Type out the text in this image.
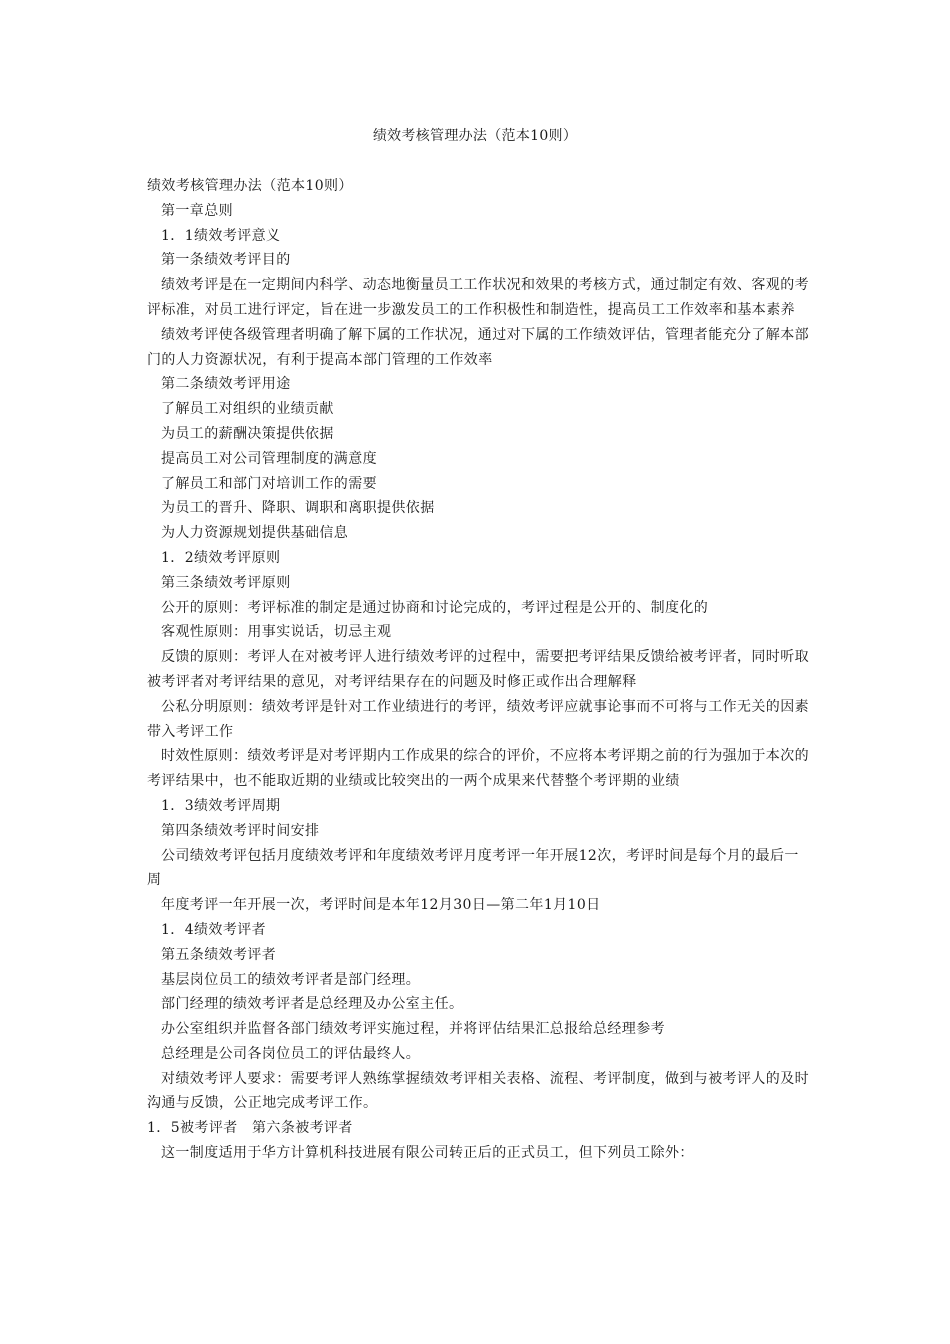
绩效考核管理办法（范本10则）

绩效考核管理办法（范本10则）

第一章总则

1．1绩效考评意义

第一条绩效考评目的

绩效考评是在一定期间内科学、动态地衡量员工工作状况和效果的考核方式，通过制定有效、客观的考评标准，对员工进行评定，旨在进一步激发员工的工作积极性和制造性，提高员工工作效率和基本素养

绩效考评使各级管理者明确了解下属的工作状况，通过对下属的工作绩效评估，管理者能充分了解本部门的人力资源状况，有利于提高本部门管理的工作效率

第二条绩效考评用途

了解员工对组织的业绩贡献

为员工的薪酬决策提供依据

提高员工对公司管理制度的满意度

了解员工和部门对培训工作的需要

为员工的晋升、降职、调职和离职提供依据

为人力资源规划提供基础信息

1．2绩效考评原则

第三条绩效考评原则

公开的原则：考评标准的制定是通过协商和讨论完成的，考评过程是公开的、制度化的

客观性原则：用事实说话，切忌主观

反馈的原则：考评人在对被考评人进行绩效考评的过程中，需要把考评结果反馈给被考评者，同时听取被考评者对考评结果的意见，对考评结果存在的问题及时修正或作出合理解释

公私分明原则：绩效考评是针对工作业绩进行的考评，绩效考评应就事论事而不可将与工作无关的因素带入考评工作

时效性原则：绩效考评是对考评期内工作成果的综合的评价，不应将本考评期之前的行为强加于本次的考评结果中，也不能取近期的业绩或比较突出的一两个成果来代替整个考评期的业绩

1．3绩效考评周期

第四条绩效考评时间安排

公司绩效考评包括月度绩效考评和年度绩效考评月度考评一年开展12次，考评时间是每个月的最后一周

年度考评一年开展一次，考评时间是本年12月30日—第二年1月10日

1．4绩效考评者

第五条绩效考评者

基层岗位员工的绩效考评者是部门经理。

部门经理的绩效考评者是总经理及办公室主任。

办公室组织并监督各部门绩效考评实施过程，并将评估结果汇总报给总经理参考

总经理是公司各岗位员工的评估最终人。

对绩效考评人要求：需要考评人熟练掌握绩效考评相关表格、流程、考评制度，做到与被考评人的及时沟通与反馈，公正地完成考评工作。

1．5被考评者　第六条被考评者

这一制度适用于华方计算机科技进展有限公司转正后的正式员工，但下列员工除外：
